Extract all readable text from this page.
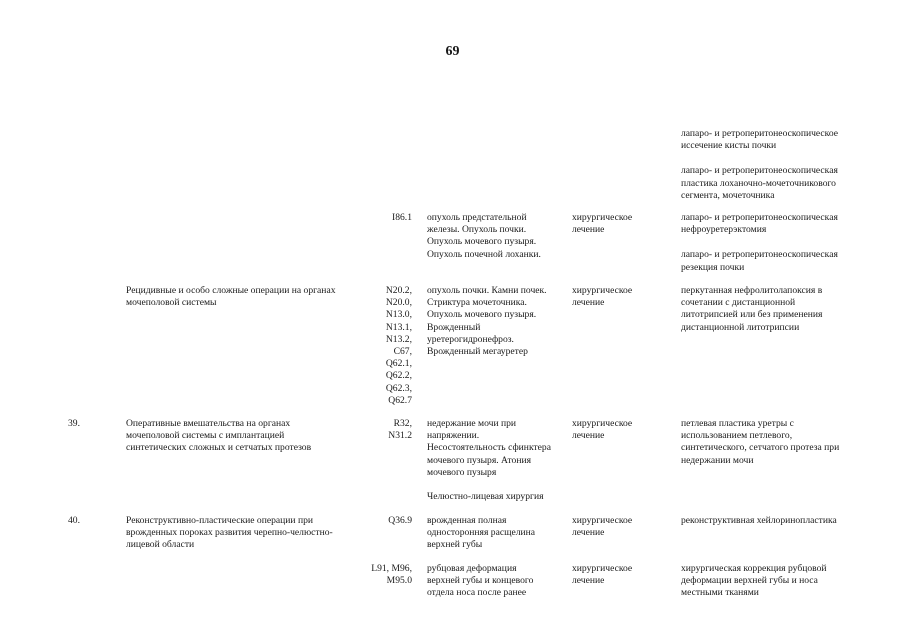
69
лапаро- и ретроперитонеоскопическое
иссечение кисты почки
лапаро- и ретроперитонеоскопическая
пластика лоханочно-мочеточникового
сегмента, мочеточника
I86.1 опухоль предстательной
железы. Опухоль почки.
Опухоль мочевого пузыря.
Опухоль почечной лоханки.
хирургическое
лечение
лапаро- и ретроперитонеоскопическая
нефроуретерэктомия
лапаро- и ретроперитонеоскопическая
резекция почки
Рецидивные и особо сложные операции на органах
мочеполовой системы
N20.2,
N20.0,
N13.0,
N13.1,
N13.2,
C67,
Q62.1,
Q62.2,
Q62.3,
Q62.7
опухоль почки. Камни почек.
Стриктура мочеточника.
Опухоль мочевого пузыря.
Врожденный
уретерогидронефроз.
Врожденный мегауретер
хирургическое
лечение
перкутанная нефролитолапоксия в
сочетании с дистанционной
литотрипсией или без применения
дистанционной литотрипсии
39.	Оперативные вмешательства на органах
мочеполовой системы с имплантацией
синтетических сложных и сетчатых протезов
R32,
N31.2
недержание мочи при
напряжении.
Несостоятельность сфинктера
мочевого пузыря. Атония
мочевого пузыря
хирургическое
лечение
петлевая пластика уретры с
использованием петлевого,
синтетического, сетчатого протеза при
недержании мочи
Челюстно-лицевая хирургия
40.	Реконструктивно-пластические операции при
врожденных пороках развития черепно-челюстно-
лицевой области
Q36.9 врожденная полная
односторонняя расщелина
верхней губы
хирургическое
лечение
реконструктивная хейлоринопластика
L91, M96,
M95.0
рубцовая деформация
верхней губы и концевого
отдела носа после ранее
хирургическое
лечение
хирургическая коррекция рубцовой
деформации верхней губы и носа
местными тканями
